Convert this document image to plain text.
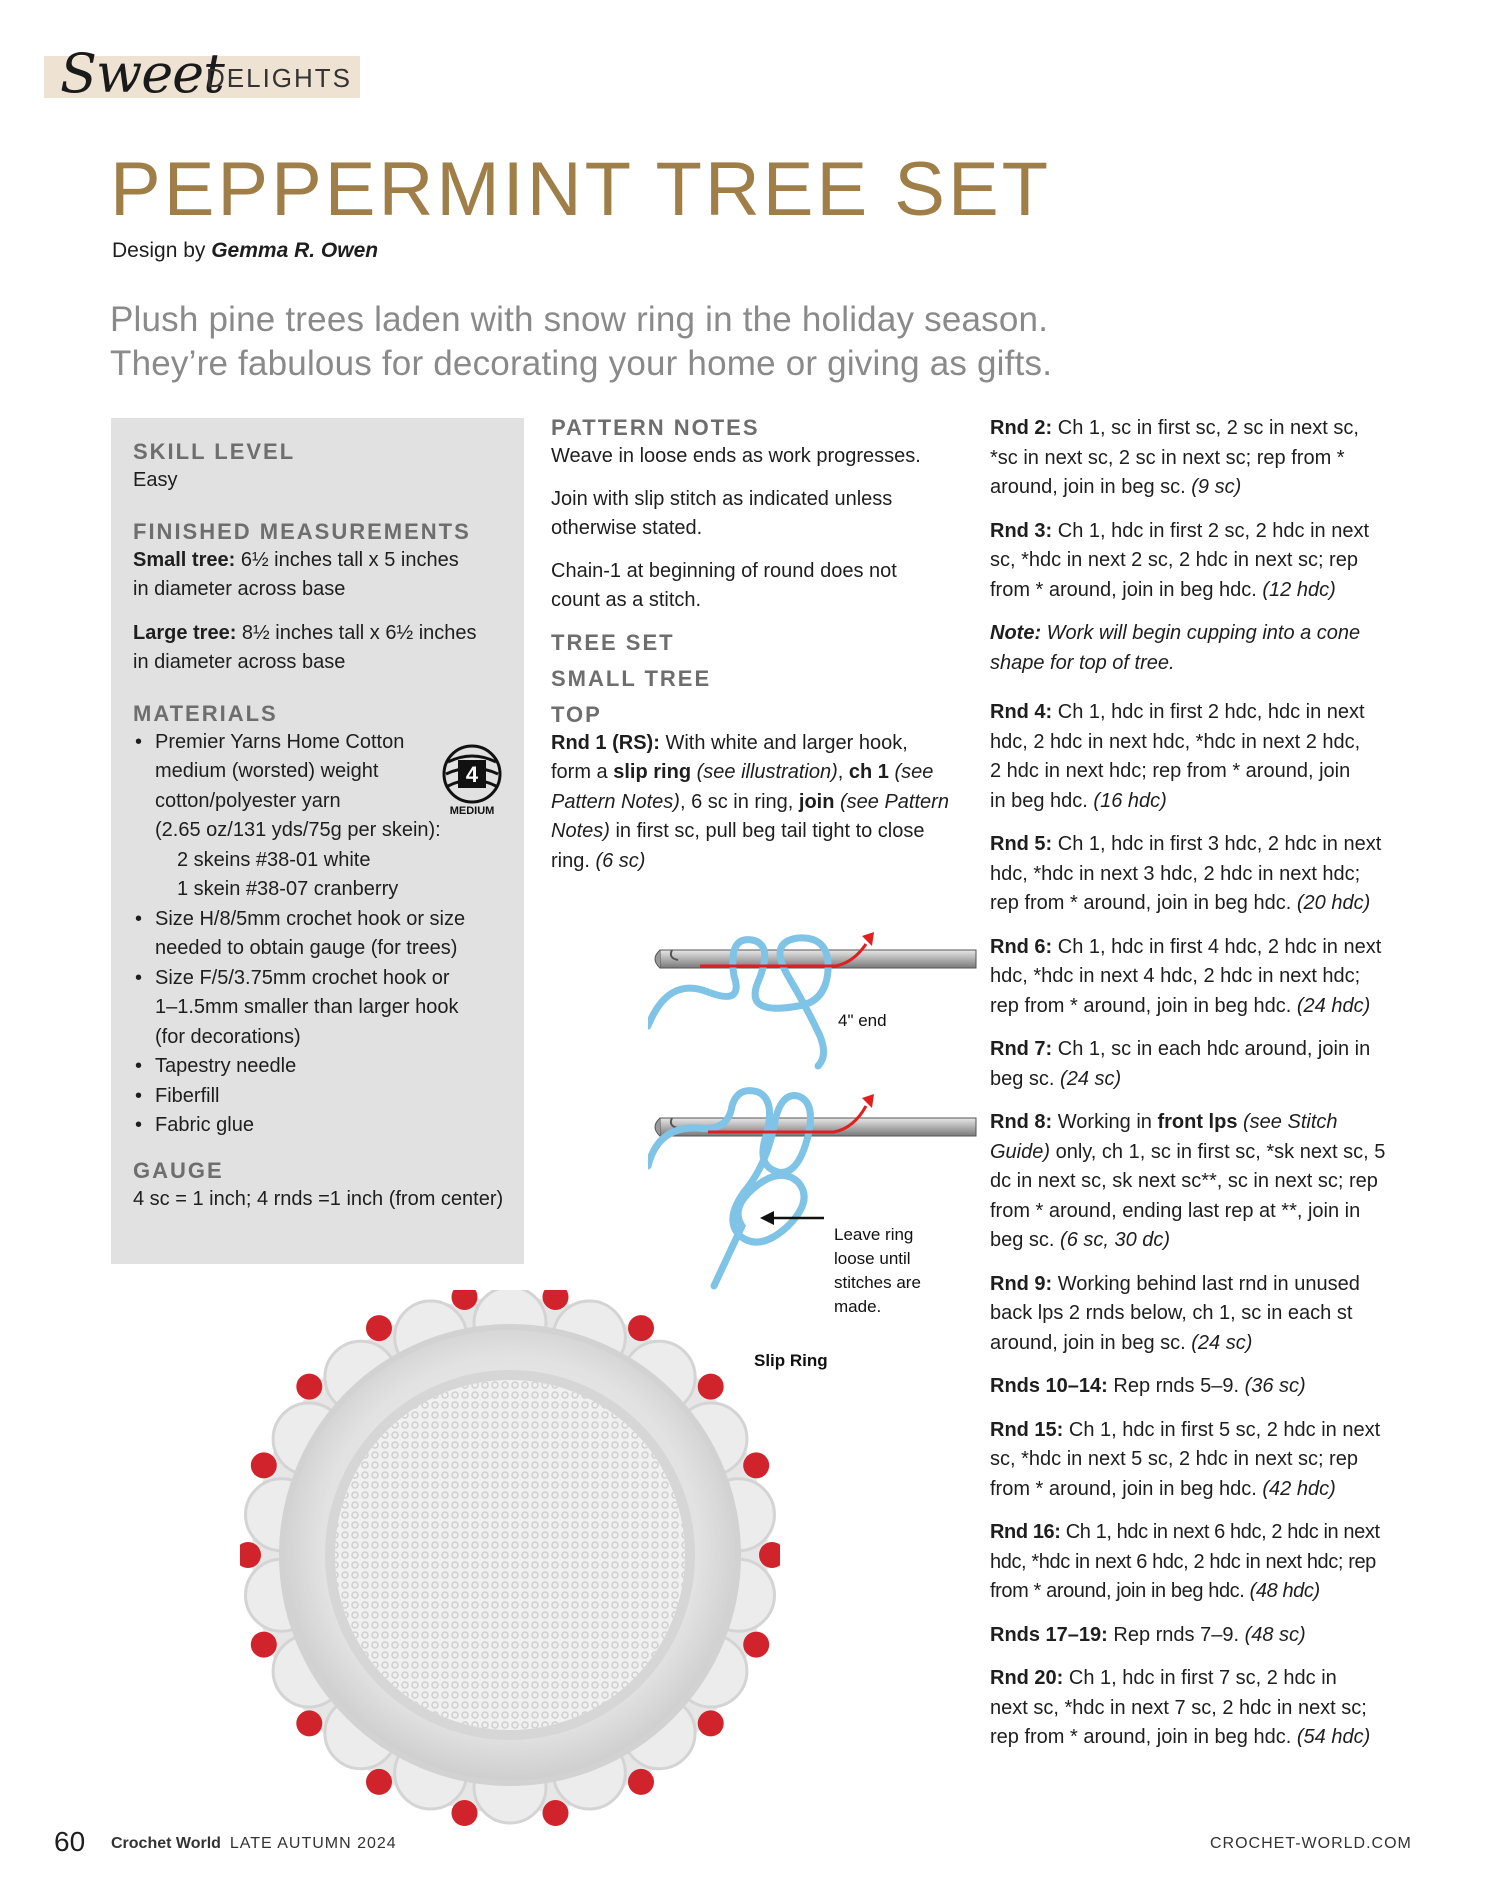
Sweet
DELIGHTS
PEPPERMINT TREE SET
Design by Gemma R. Owen
Plush pine trees laden with snow ring in the holiday season.
They’re fabulous for decorating your home or giving as gifts.
SKILL LEVEL
Easy
FINISHED MEASUREMENTS
Small tree: 6½ inches tall x 5 inches
in diameter across base
Large tree: 8½ inches tall x 6½ inches
in diameter across base
MATERIALS
• Premier Yarns Home Cotton
medium (worsted) weight
cotton/polyester yarn
(2.65 oz/131 yds/75g per skein):
2 skeins #38-01 white
1 skein #38-07 cranberry
• Size H/8/5mm crochet hook or size
needed to obtain gauge (for trees)
• Size F/5/3.75mm crochet hook or
1–1.5mm smaller than larger hook
(for decorations)
• Tapestry needle
• Fiberfill
• Fabric glue
GAUGE
4 sc = 1 inch; 4 rnds =1 inch (from center)
4
MEDIUM
PATTERN NOTES
Weave in loose ends as work progresses.
Join with slip stitch as indicated unless
otherwise stated.
Chain-1 at beginning of round does not
count as a stitch.
TREE SET
SMALL TREE
TOP
Rnd 1 (RS): With white and larger hook,
form a slip ring (see illustration), ch 1 (see
Pattern Notes), 6 sc in ring, join (see Pattern
Notes) in first sc, pull beg tail tight to close
ring. (6 sc)
4" end
Leave ring
loose until
stitches are
made.
Slip Ring
Rnd 2: Ch 1, sc in first sc, 2 sc in next sc,
*sc in next sc, 2 sc in next sc; rep from *
around, join in beg sc. (9 sc)
Rnd 3: Ch 1, hdc in first 2 sc, 2 hdc in next
sc, *hdc in next 2 sc, 2 hdc in next sc; rep
from * around, join in beg hdc. (12 hdc)
Note: Work will begin cupping into a cone
shape for top of tree.
Rnd 4: Ch 1, hdc in first 2 hdc, hdc in next
hdc, 2 hdc in next hdc, *hdc in next 2 hdc,
2 hdc in next hdc; rep from * around, join
in beg hdc. (16 hdc)
Rnd 5: Ch 1, hdc in first 3 hdc, 2 hdc in next
hdc, *hdc in next 3 hdc, 2 hdc in next hdc;
rep from * around, join in beg hdc. (20 hdc)
Rnd 6: Ch 1, hdc in first 4 hdc, 2 hdc in next
hdc, *hdc in next 4 hdc, 2 hdc in next hdc;
rep from * around, join in beg hdc. (24 hdc)
Rnd 7: Ch 1, sc in each hdc around, join in
beg sc. (24 sc)
Rnd 8: Working in front lps (see Stitch
Guide) only, ch 1, sc in first sc, *sk next sc, 5
dc in next sc, sk next sc**, sc in next sc; rep
from * around, ending last rep at **, join in
beg sc. (6 sc, 30 dc)
Rnd 9: Working behind last rnd in unused
back lps 2 rnds below, ch 1, sc in each st
around, join in beg sc. (24 sc)
Rnds 10–14: Rep rnds 5–9. (36 sc)
Rnd 15: Ch 1, hdc in first 5 sc, 2 hdc in next
sc, *hdc in next 5 sc, 2 hdc in next sc; rep
from * around, join in beg hdc. (42 hdc)
Rnd 16: Ch 1, hdc in next 6 hdc, 2 hdc in next
hdc, *hdc in next 6 hdc, 2 hdc in next hdc; rep
from * around, join in beg hdc. (48 hdc)
Rnds 17–19: Rep rnds 7–9. (48 sc)
Rnd 20: Ch 1, hdc in first 7 sc, 2 hdc in
next sc, *hdc in next 7 sc, 2 hdc in next sc;
rep from * around, join in beg hdc. (54 hdc)
60 Crochet World LATE AUTUMN 2024	CROCHET-WORLD.COM
